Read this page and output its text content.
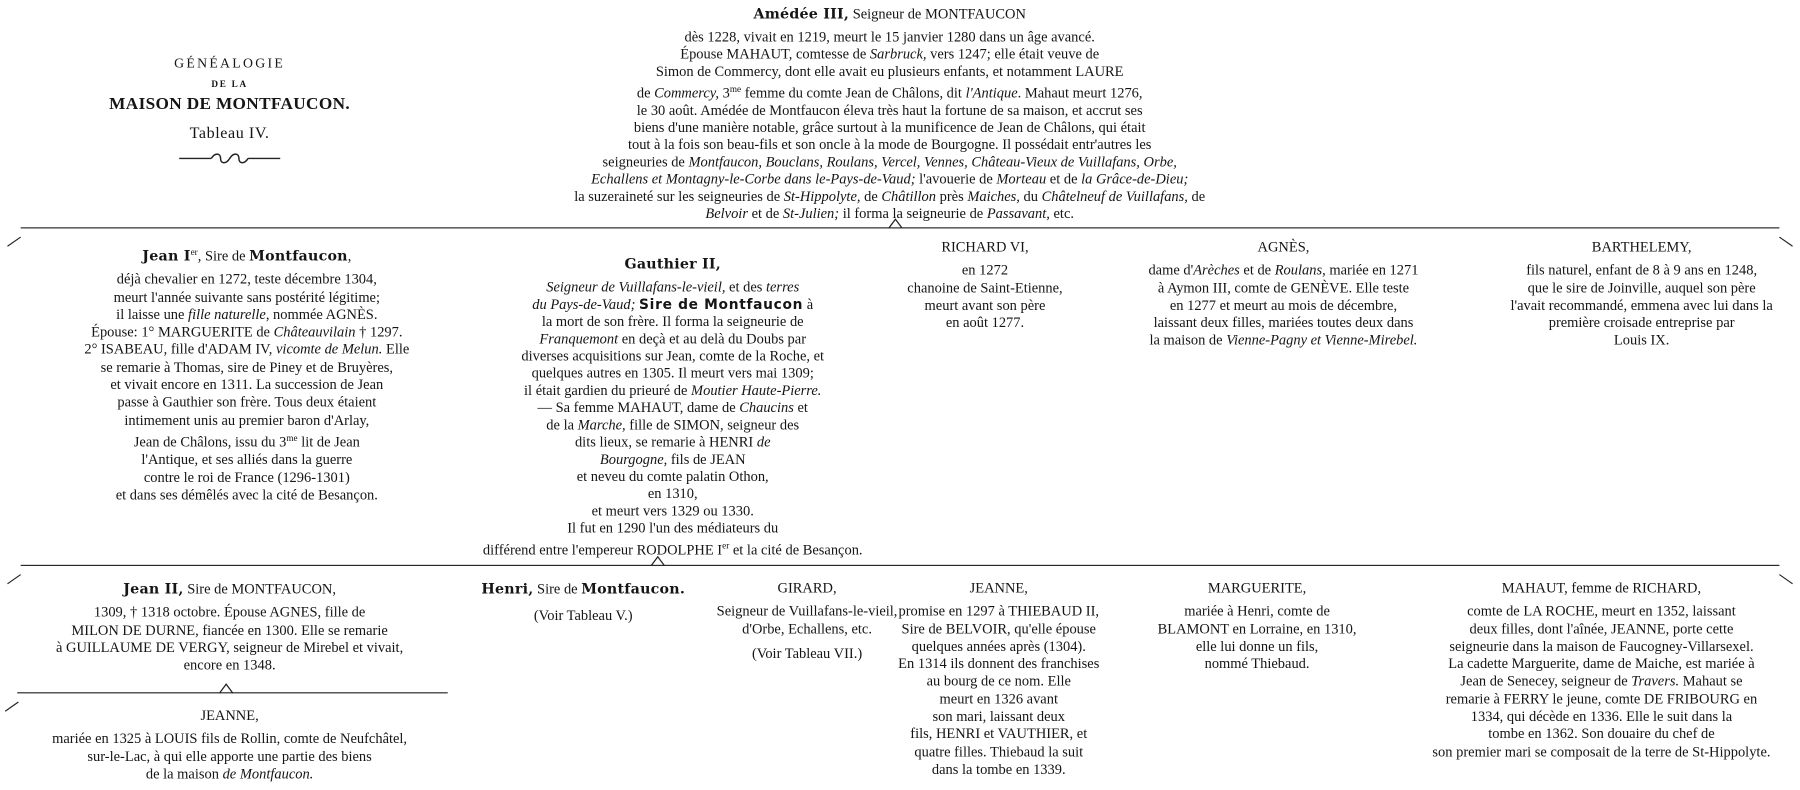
GÉNÉALOGIE
DE LA
MAISON DE MONTFAUCON.
Tableau IV.
Amédée III, Seigneur de MONTFAUCON
dès 1228, vivait en 1219, meurt le 15 janvier 1280 dans un âge avancé.
Épouse MAHAUT, comtesse de Sarbruck, vers 1247; elle était veuve de
Simon de Commercy, dont elle avait eu plusieurs enfants, et notamment LAURE
de Commercy, $3^{me}$ femme du comte Jean de Châlons, dit l'Antique. Mahaut meurt 1276,
le 30 août. Amédée de Montfaucon éleva très haut la fortune de sa maison, et accrut ses
biens d'une manière notable, grâce surtout à la munificence de Jean de Châlons, qui était
tout à la fois son beau-fils et son oncle à la mode de Bourgogne. Il possédait entr'autres les
seigneuries de Montfaucon, Bouclans, Roulans, Vercel, Vennes, Château-Vieux de Vuillafans, Orbe,
Echallens et Montagny-le-Corbe dans le-Pays-de-Vaud; l'avouerie de Morteau et de la Grâce-de-Dieu;
la suzeraineté sur les seigneuries de St-Hippolyte, de Châtillon près Maiches, du Châtelneuf de Vuillafans, de
Belvoir et de St-Julien; il forma la seigneurie de Passavant, etc.
Jean Ier, Sire de Montfaucon,
déjà chevalier en 1272, teste décembre 1304,
meurt l'année suivante sans postérité légitime;
il laisse une fille naturelle, nommée AGNÈS.
Épouse: 1° MARGUERITE de Châteauvilain † 1297.
2° ISABEAU, fille d'ADAM IV, vicomte de Melun. Elle
se remarie à Thomas, sire de Piney et de Bruyères,
et vivait encore en 1311. La succession de Jean
passe à Gauthier son frère. Tous deux étaient
intimement unis au premier baron d'Arlay,
Jean de Châlons, issu du $3^{me}$ lit de Jean
l'Antique, et ses alliés dans la guerre
contre le roi de France (1296-1301)
et dans ses démêlés avec la cité de Besançon.
Gauthier II,
Seigneur de Vuillafans-le-vieil, et des terres
du Pays-de-Vaud; Sire de Montfaucon à
la mort de son frère. Il forma la seigneurie de
Franquemont en deçà et au delà du Doubs par
diverses acquisitions sur Jean, comte de la Roche, et
quelques autres en 1305. Il meurt vers mai 1309;
il était gardien du prieuré de Moutier Haute-Pierre.
— Sa femme MAHAUT, dame de Chaucins et
de la Marche, fille de SIMON, seigneur des
dits lieux, se remarie à HENRI de
Bourgogne, fils de JEAN
et neveu du comte palatin Othon,
en 1310,
et meurt vers 1329 ou 1330.
Il fut en 1290 l'un des médiateurs du
différend entre l'empereur RODOLPHE Ier et la cité de Besançon.
RICHARD VI,
en 1272
chanoine de Saint-Etienne,
meurt avant son père
en août 1277.
AGNÈS,
dame d'Arèches et de Roulans, mariée en 1271
à Aymon III, comte de GENÈVE. Elle teste
en 1277 et meurt au mois de décembre,
laissant deux filles, mariées toutes deux dans
la maison de Vienne-Pagny et Vienne-Mirebel.
BARTHELEMY,
fils naturel, enfant de 8 à 9 ans en 1248,
que le sire de Joinville, auquel son père
l'avait recommandé, emmena avec lui dans la
première croisade entreprise par
Louis IX.
Jean II, Sire de MONTFAUCON,
1309, † 1318 octobre. Épouse AGNES, fille de
MILON DE DURNE, fiancée en 1300. Elle se remarie
à GUILLAUME DE VERGY, seigneur de Mirebel et vivait,
encore en 1348.
Henri, Sire de Montfaucon.
(Voir Tableau V.)
GIRARD,
Seigneur de Vuillafans-le-vieil,
d'Orbe, Echallens, etc.
(Voir Tableau VII.)
JEANNE,
promise en 1297 à THIEBAUD II,
Sire de BELVOIR, qu'elle épouse
quelques années après (1304).
En 1314 ils donnent des franchises
au bourg de ce nom. Elle
meurt en 1326 avant
son mari, laissant deux
fils, HENRI et VAUTHIER, et
quatre filles. Thiebaud la suit
dans la tombe en 1339.
MARGUERITE,
mariée à Henri, comte de
BLAMONT en Lorraine, en 1310,
elle lui donne un fils,
nommé Thiebaud.
MAHAUT, femme de RICHARD,
comte de LA ROCHE, meurt en 1352, laissant
deux filles, dont l'aînée, JEANNE, porte cette
seigneurie dans la maison de Faucogney-Villarsexel.
La cadette Marguerite, dame de Maiche, est mariée à
Jean de Senecey, seigneur de Travers. Mahaut se
remarie à FERRY le jeune, comte DE FRIBOURG en
1334, qui décède en 1336. Elle le suit dans la
tombe en 1362. Son douaire du chef de
son premier mari se composait de la terre de St-Hippolyte.
JEANNE,
mariée en 1325 à LOUIS fils de Rollin, comte de Neufchâtel,
sur-le-Lac, à qui elle apporte une partie des biens
de la maison de Montfaucon.
